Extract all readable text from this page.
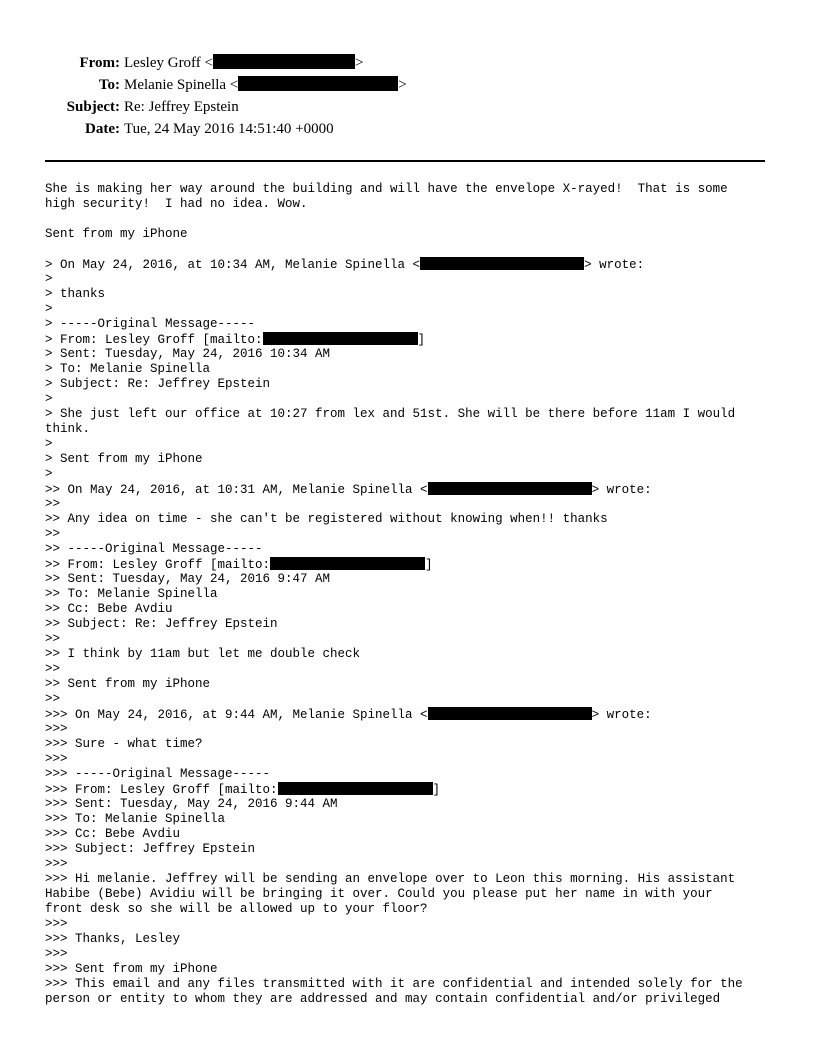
From: Lesley Groff <	>
To: Melanie Spinella <	>
Subject: Re: Jeffrey Epstein
Date: Tue, 24 May 2016 14:51:40 +0000
She is making her way around the building and will have the envelope X-rayed!  That is some
high security!  I had no idea. Wow.
Sent from my iPhone
> On May 24, 2016, at 10:34 AM, Melanie Spinella <	> wrote:
>
> thanks
>
> -----Original Message-----
> From: Lesley Groff [mailto:	]
> Sent: Tuesday, May 24, 2016 10:34 AM
> To: Melanie Spinella
> Subject: Re: Jeffrey Epstein
>
> She just left our office at 10:27 from lex and 51st. She will be there before 11am I would
think.
>
> Sent from my iPhone
>
>> On May 24, 2016, at 10:31 AM, Melanie Spinella <	> wrote:
>>
>> Any idea on time - she can't be registered without knowing when!! thanks
>>
>> -----Original Message-----
>> From: Lesley Groff [mailto:	]
>> Sent: Tuesday, May 24, 2016 9:47 AM
>> To: Melanie Spinella
>> Cc: Bebe Avdiu
>> Subject: Re: Jeffrey Epstein
>>
>> I think by 11am but let me double check
>>
>> Sent from my iPhone
>>
>>> On May 24, 2016, at 9:44 AM, Melanie Spinella <	> wrote:
>>>
>>> Sure - what time?
>>>
>>> -----Original Message-----
>>> From: Lesley Groff [mailto:	]
>>> Sent: Tuesday, May 24, 2016 9:44 AM
>>> To: Melanie Spinella
>>> Cc: Bebe Avdiu
>>> Subject: Jeffrey Epstein
>>>
>>> Hi melanie. Jeffrey will be sending an envelope over to Leon this morning. His assistant
Habibe (Bebe) Avidiu will be bringing it over. Could you please put her name in with your
front desk so she will be allowed up to your floor?
>>>
>>> Thanks, Lesley
>>>
>>> Sent from my iPhone
>>> This email and any files transmitted with it are confidential and intended solely for the
person or entity to whom they are addressed and may contain confidential and/or privileged
